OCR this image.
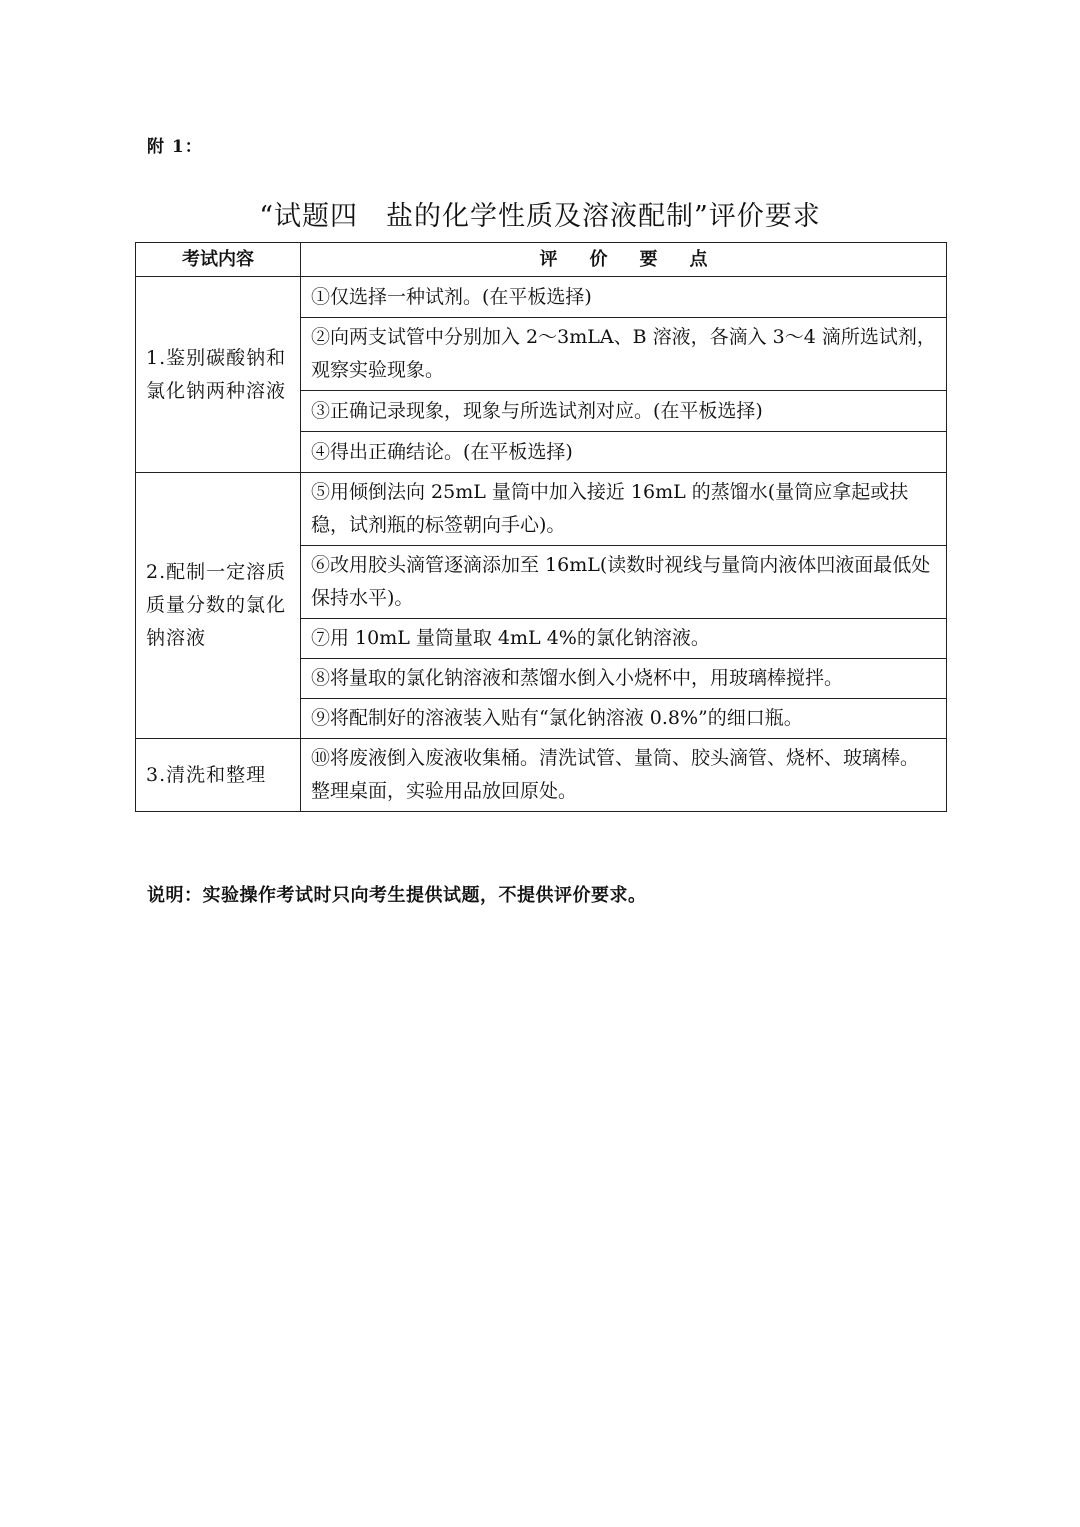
附 1：
“试题四　盐的化学性质及溶液配制”评价要求
考试内容	评 价 要 点
1.鉴别碳酸钠和氯化钠两种溶液	①仅选择一种试剂。(在平板选择)
	②向两支试管中分别加入 2～3mLA、B 溶液，各滴入 3～4 滴所选试剂，观察实验现象。
	③正确记录现象，现象与所选试剂对应。(在平板选择)
	④得出正确结论。(在平板选择)
2.配制一定溶质质量分数的氯化钠溶液	⑤用倾倒法向 25mL 量筒中加入接近 16mL 的蒸馏水(量筒应拿起或扶稳，试剂瓶的标签朝向手心)。
	⑥改用胶头滴管逐滴添加至 16mL(读数时视线与量筒内液体凹液面最低处保持水平)。
	⑦用 10mL 量筒量取 4mL 4%的氯化钠溶液。
	⑧将量取的氯化钠溶液和蒸馏水倒入小烧杯中，用玻璃棒搅拌。
	⑨将配制好的溶液装入贴有“氯化钠溶液 0.8%”的细口瓶。
3.清洗和整理	⑩将废液倒入废液收集桶。清洗试管、量筒、胶头滴管、烧杯、玻璃棒。整理桌面，实验用品放回原处。
说明：实验操作考试时只向考生提供试题，不提供评价要求。
